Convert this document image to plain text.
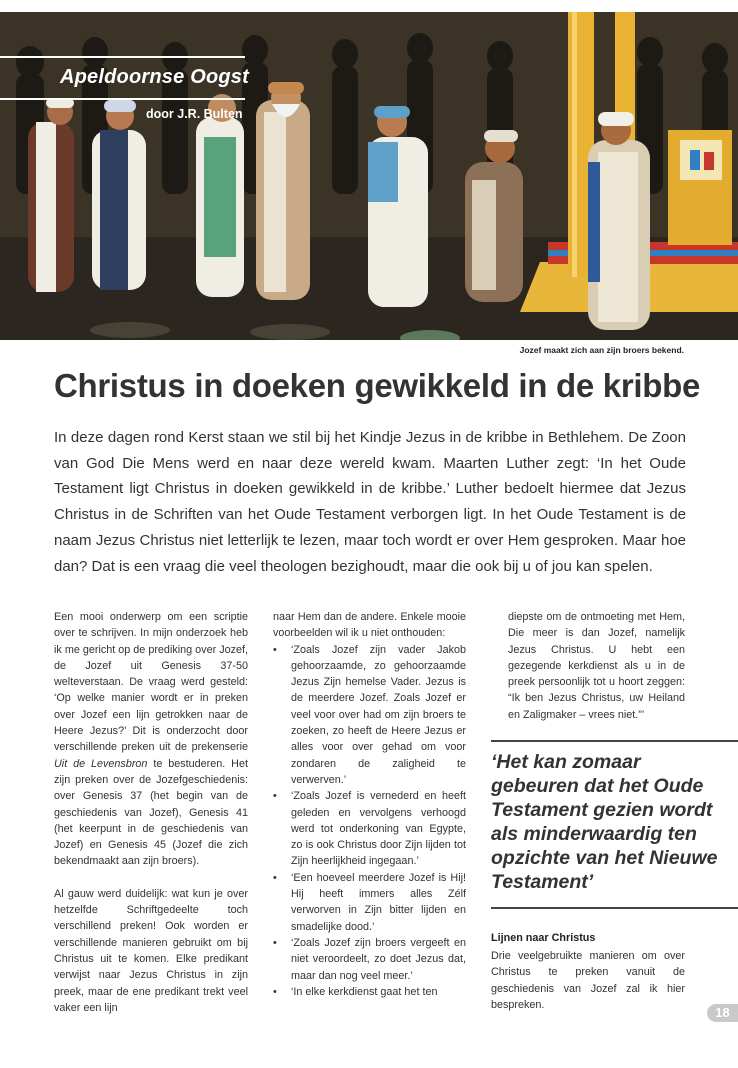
Apeldoornse Oogst
door J.R. Bulten
Jozef maakt zich aan zijn broers bekend.
Christus in doeken gewikkeld in de kribbe

In deze dagen rond Kerst staan we stil bij het Kindje Jezus in de kribbe in Bethlehem. De Zoon van God Die Mens werd en naar deze wereld kwam. Maarten Luther zegt: ‘In het Oude Testament ligt Christus in doeken gewikkeld in de kribbe.’ Luther bedoelt hiermee dat Jezus Christus in de Schriften van het Oude Testament verborgen ligt. In het Oude Testament is de naam Jezus Christus niet letterlijk te lezen, maar toch wordt er over Hem gesproken. Maar hoe dan? Dat is een vraag die veel theologen bezighoudt, maar die ook bij u of jou kan spelen.

Een mooi onderwerp om een scriptie over te schrijven. In mijn onderzoek heb ik me gericht op de prediking over Jozef, de Jozef uit Genesis 37-50 welteverstaan. De vraag werd gesteld: ‘Op welke manier wordt er in preken over Jozef een lijn getrokken naar de Heere Jezus?’ Dit is onderzocht door verschillende preken uit de prekenserie Uit de Levensbron te bestuderen. Het zijn preken over de Jozefgeschiedenis: over Genesis 37 (het begin van de geschiedenis van Jozef), Genesis 41 (het keerpunt in de geschiedenis van Jozef) en Genesis 45 (Jozef die zich bekendmaakt aan zijn broers).

Al gauw werd duidelijk: wat kun je over hetzelfde Schriftgedeelte toch verschillend preken! Ook worden er verschillende manieren gebruikt om bij Christus uit te komen. Elke predikant verwijst naar Jezus Christus in zijn preek, maar de ene predikant trekt veel vaker een lijn

naar Hem dan de andere. Enkele mooie voorbeelden wil ik u niet onthouden:

• ‘Zoals Jozef zijn vader Jakob gehoorzaamde, zo gehoorzaamde Jezus Zijn hemelse Vader. Jezus is de meerdere Jozef. Zoals Jozef er veel voor over had om zijn broers te zoeken, zo heeft de Heere Jezus er alles voor over gehad om voor zondaren de zaligheid te verwerven.’
• ‘Zoals Jozef is vernederd en heeft geleden en vervolgens verhoogd werd tot onderkoning van Egypte, zo is ook Christus door Zijn lijden tot Zijn heerlijkheid ingegaan.’
• ‘Een hoeveel meerdere Jozef is Hij! Hij heeft immers alles Zélf verworven in Zijn bitter lijden en smadelijke dood.’
• ‘Zoals Jozef zijn broers vergeeft en niet veroordeelt, zo doet Jezus dat, maar dan nog veel meer.’
• ‘In elke kerkdienst gaat het ten

diepste om de ontmoeting met Hem, Die meer is dan Jozef, namelijk Jezus Christus. U hebt een gezegende kerkdienst als u in de preek persoonlijk tot u hoort zeggen: “Ik ben Jezus Christus, uw Heiland en Zaligmaker – vrees niet.”’

‘Het kan zomaar gebeuren dat het Oude Testament gezien wordt als minderwaardig ten opzichte van het Nieuwe Testament’

Lijnen naar Christus

Drie veelgebruikte manieren om over Christus te preken vanuit de geschiedenis van Jozef zal ik hier bespreken.

18
